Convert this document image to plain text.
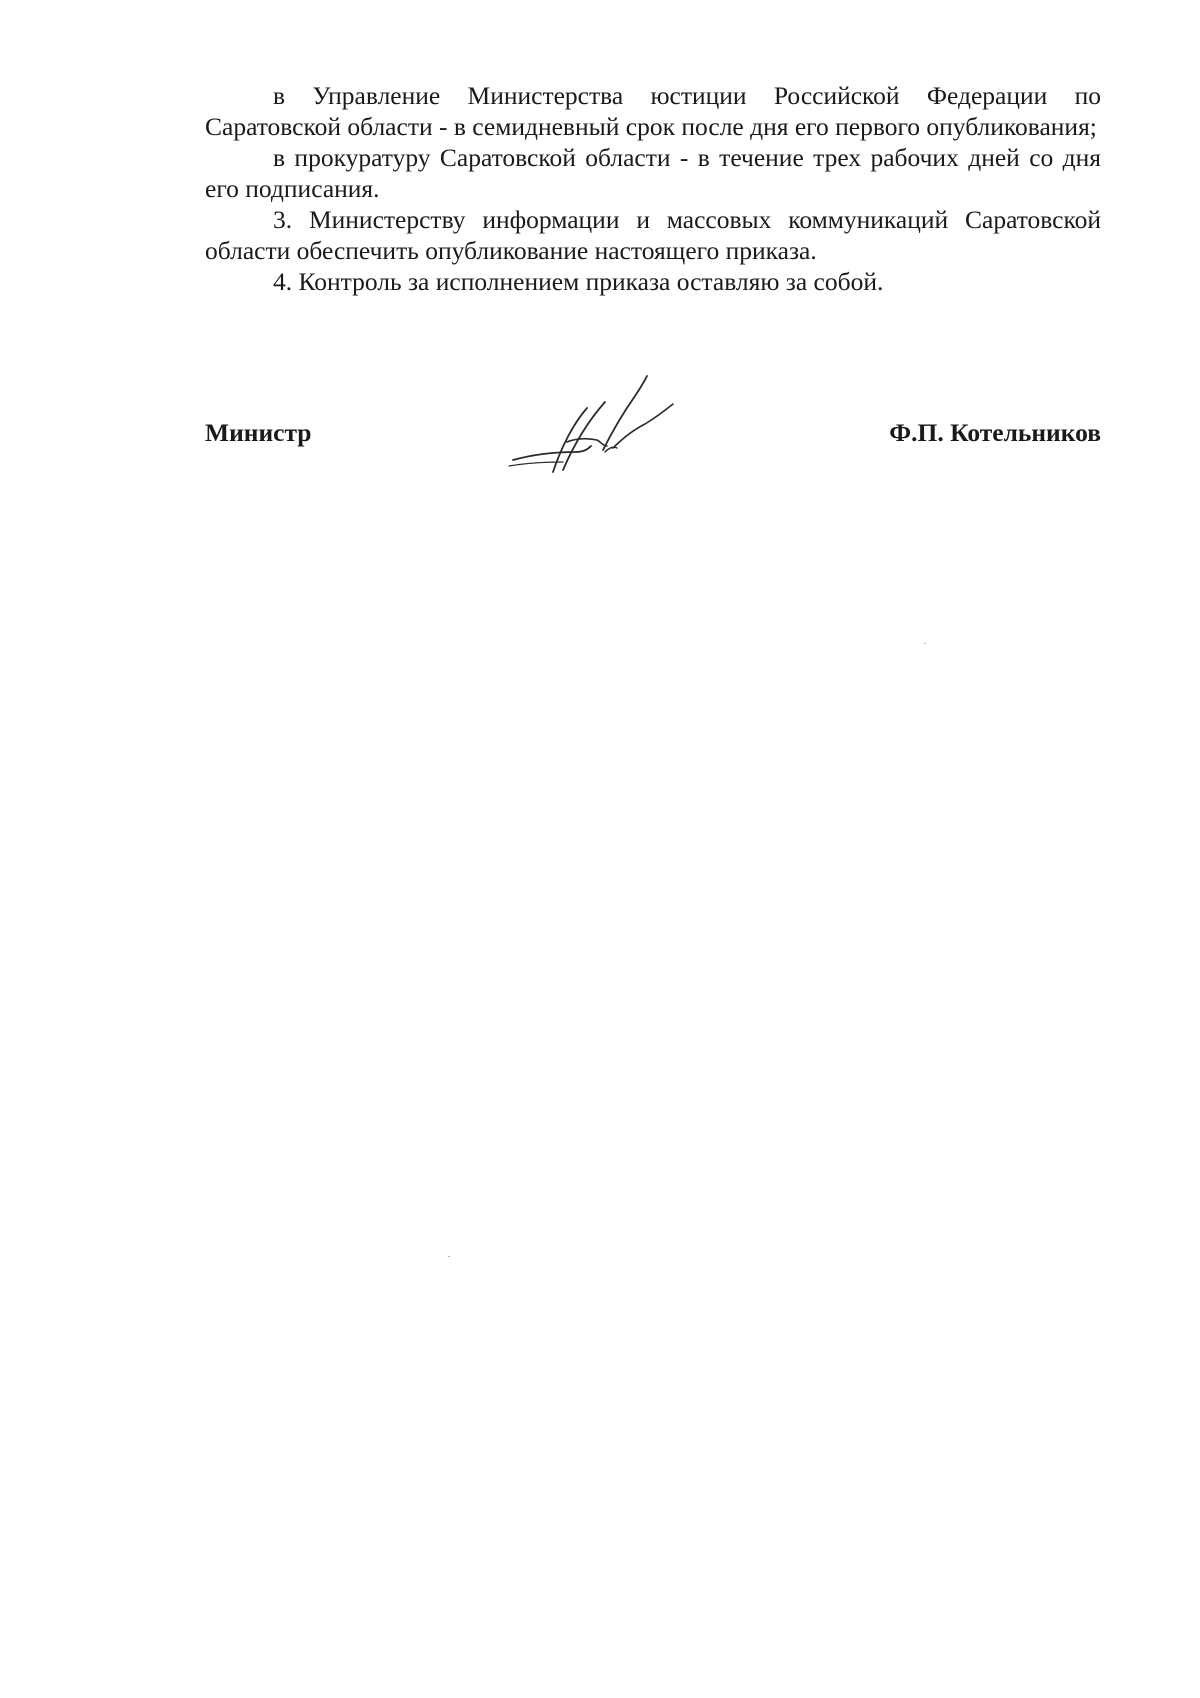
в Управление Министерства юстиции Российской Федерации по Саратовской области - в семидневный срок после дня его первого опубликования;

в прокуратуру Саратовской области - в течение трех рабочих дней со дня его подписания.

3. Министерству информации и массовых коммуникаций Саратовской области обеспечить опубликование настоящего приказа.

4. Контроль за исполнением приказа оставляю за собой.

Министр	Ф.П. Котельников
